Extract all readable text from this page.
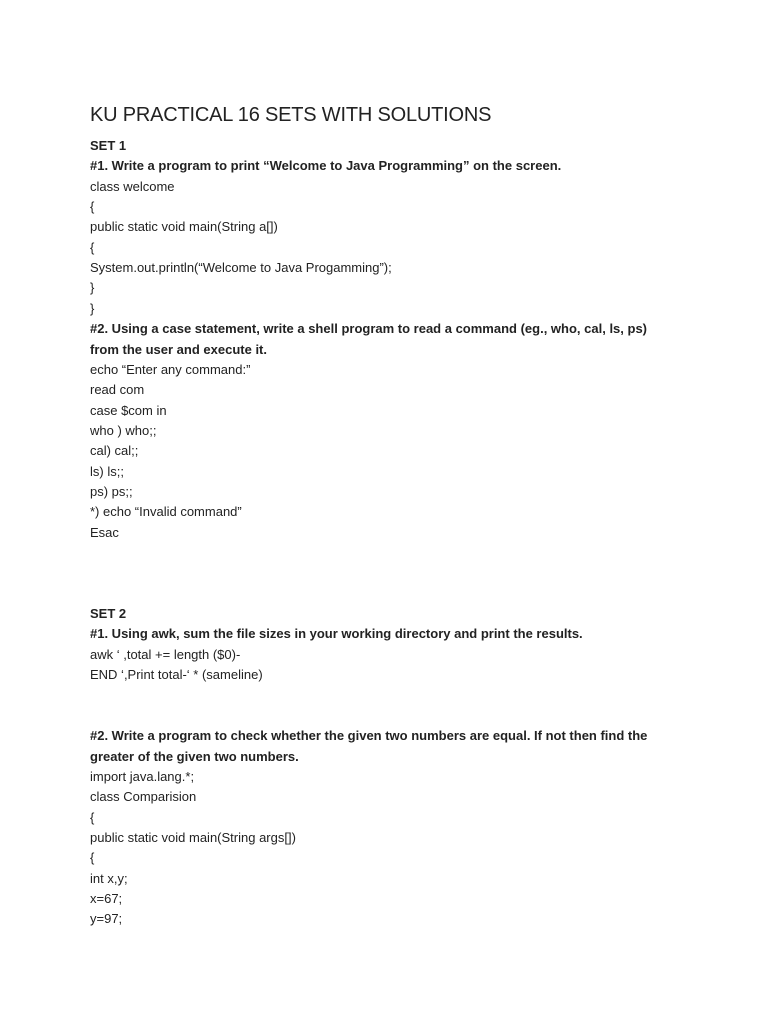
KU PRACTICAL 16 SETS WITH SOLUTIONS
SET 1
#1. Write a program to print “Welcome to Java Programming” on the screen.
class welcome
{
public static void main(String a[])
{
System.out.println(“Welcome to Java Progamming”);
}
}
#2. Using a case statement, write a shell program to read a command (eg., who, cal, ls, ps)
from the user and execute it.
echo “Enter any command:”
read com
case $com in
who ) who;;
cal) cal;;
ls) ls;;
ps) ps;;
*) echo “Invalid command”
Esac
SET 2
#1. Using awk, sum the file sizes in your working directory and print the results.
awk ‘ ,total += length ($0)-
END ‘,Print total-‘ * (sameline)
#2. Write a program to check whether the given two numbers are equal. If not then find the
greater of the given two numbers.
import java.lang.*;
class Comparision
{
public static void main(String args[])
{
int x,y;
x=67;
y=97;
